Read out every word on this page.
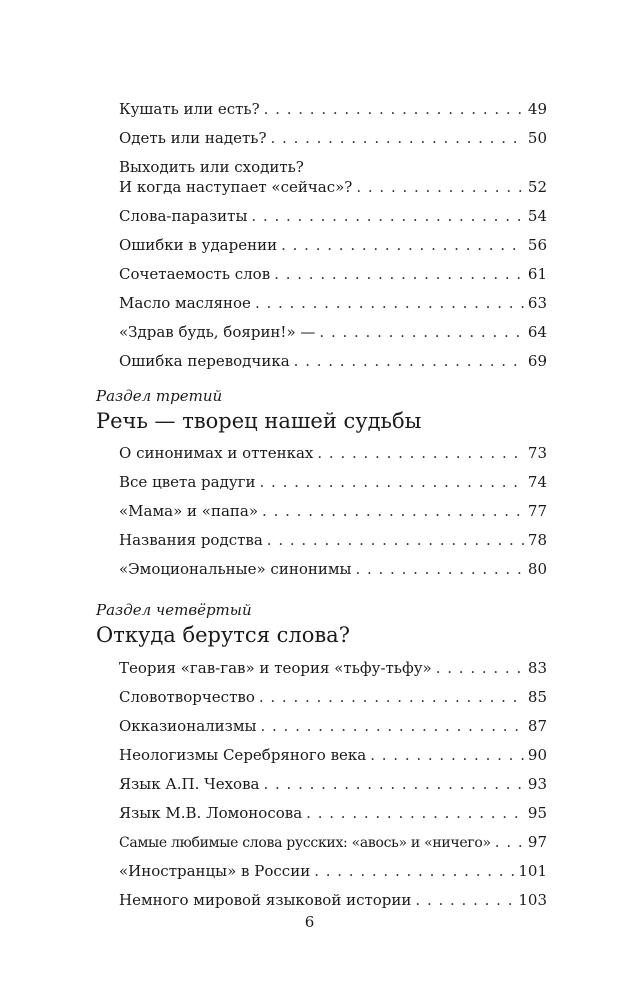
Кушать или есть? . . .	49
Одеть или надеть? . . .	50
Выходить или сходить?
И когда наступает «сейчас»? . . .	52
Слова-паразиты . . .	54
Ошибки в ударении . . .	56
Сочетаемость слов . . .	61
Масло масляное . . .	63
«Здрав будь, боярин!» — . . .	64
Ошибка переводчика . . .	69
Раздел третий
Речь — творец нашей судьбы
О синонимах и оттенках . . .	73
Все цвета радуги . . .	74
«Мама» и «папа» . . .	77
Названия родства . . .	78
«Эмоциональные» синонимы . . .	80
Раздел четвёртый
Откуда берутся слова?
Теория «гав-гав» и теория «тьфу-тьфу» . . .	83
Словотворчество . . .	85
Окказионализмы . . .	87
Неологизмы Серебряного века . . .	90
Язык А.П. Чехова . . .	93
Язык М.В. Ломоносова . . .	95
Самые любимые слова русских: «авось» и «ничего» . . . 97
«Иностранцы» в России . . .	101
Немного мировой языковой истории . . .	103
6
